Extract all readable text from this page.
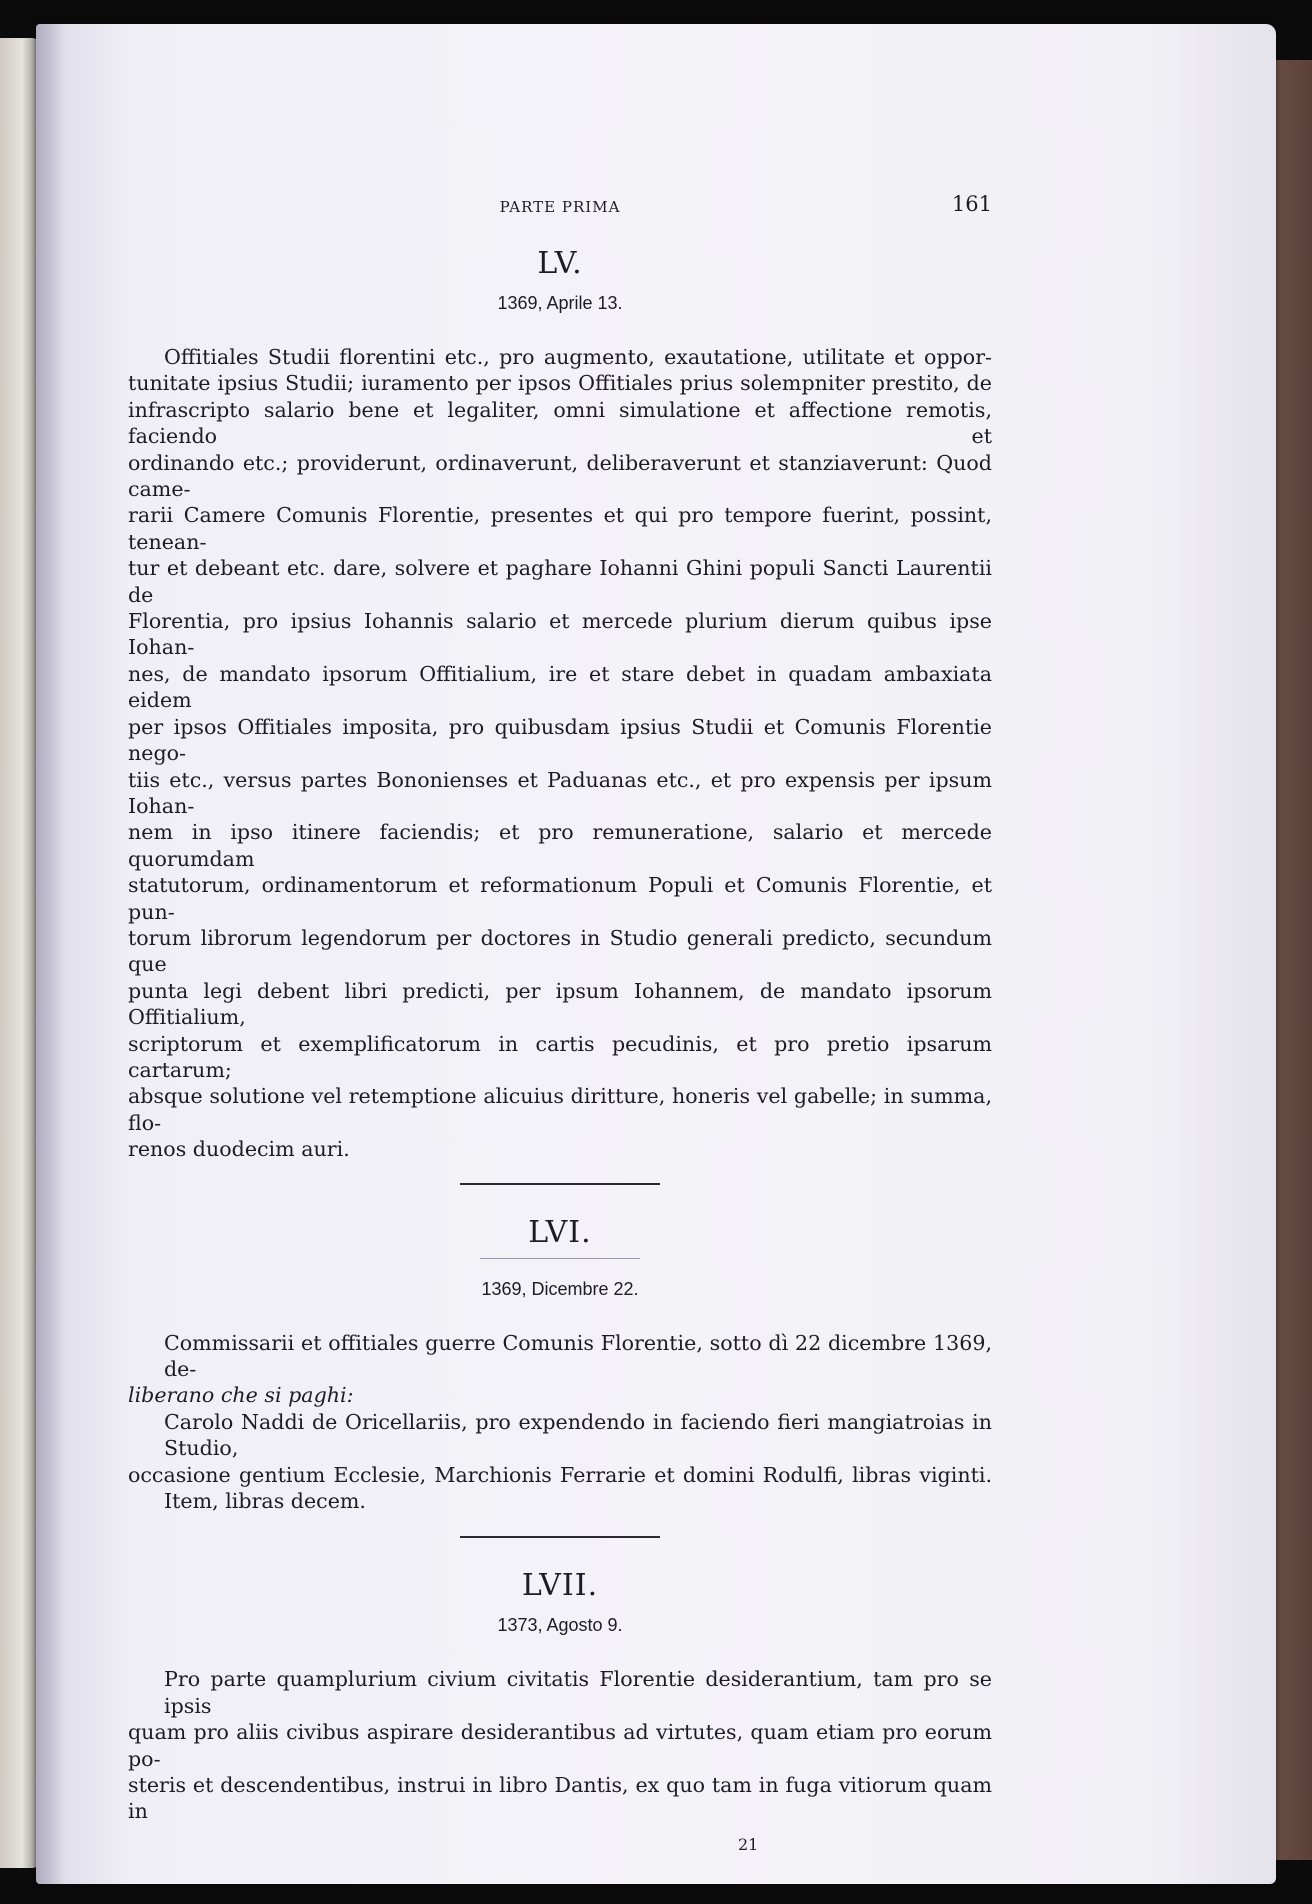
PARTE PRIMA	161
LV.
1369, Aprile 13.

Offitiales Studii florentini etc., pro augmento, exautatione, utilitate et oppor-
tunitate ipsius Studii; iuramento per ipsos Offitiales prius solempniter prestito, de
infrascripto salario bene et legaliter, omni simulatione et affectione remotis, faciendo et
ordinando etc.; providerunt, ordinaverunt, deliberaverunt et stanziaverunt: Quod came-
rarii Camere Comunis Florentie, presentes et qui pro tempore fuerint, possint, tenean-
tur et debeant etc. dare, solvere et paghare Iohanni Ghini populi Sancti Laurentii de
Florentia, pro ipsius Iohannis salario et mercede plurium dierum quibus ipse Iohan-
nes, de mandato ipsorum Offitialium, ire et stare debet in quadam ambaxiata eidem
per ipsos Offitiales imposita, pro quibusdam ipsius Studii et Comunis Florentie nego-
tiis etc., versus partes Bononienses et Paduanas etc., et pro expensis per ipsum Iohan-
nem in ipso itinere faciendis; et pro remuneratione, salario et mercede quorumdam
statutorum, ordinamentorum et reformationum Populi et Comunis Florentie, et pun-
torum librorum legendorum per doctores in Studio generali predicto, secundum que
punta legi debent libri predicti, per ipsum Iohannem, de mandato ipsorum Offitialium,
scriptorum et exemplificatorum in cartis pecudinis, et pro pretio ipsarum cartarum;
absque solutione vel retemptione alicuius diritture, honeris vel gabelle; in summa, flo-
renos duodecim auri.

LVI.
1369, Dicembre 22.

Commissarii et offitiales guerre Comunis Florentie, sotto dì 22 dicembre 1369, de-
liberano che si paghi:
Carolo Naddi de Oricellariis, pro expendendo in faciendo fieri mangiatroias in Studio,
occasione gentium Ecclesie, Marchionis Ferrarie et domini Rodulfi, libras viginti.
Item, libras decem.

LVII.
1373, Agosto 9.

Pro parte quamplurium civium civitatis Florentie desiderantium, tam pro se ipsis
quam pro aliis civibus aspirare desiderantibus ad virtutes, quam etiam pro eorum po-
steris et descendentibus, instrui in libro Dantis, ex quo tam in fuga vitiorum quam in

21
